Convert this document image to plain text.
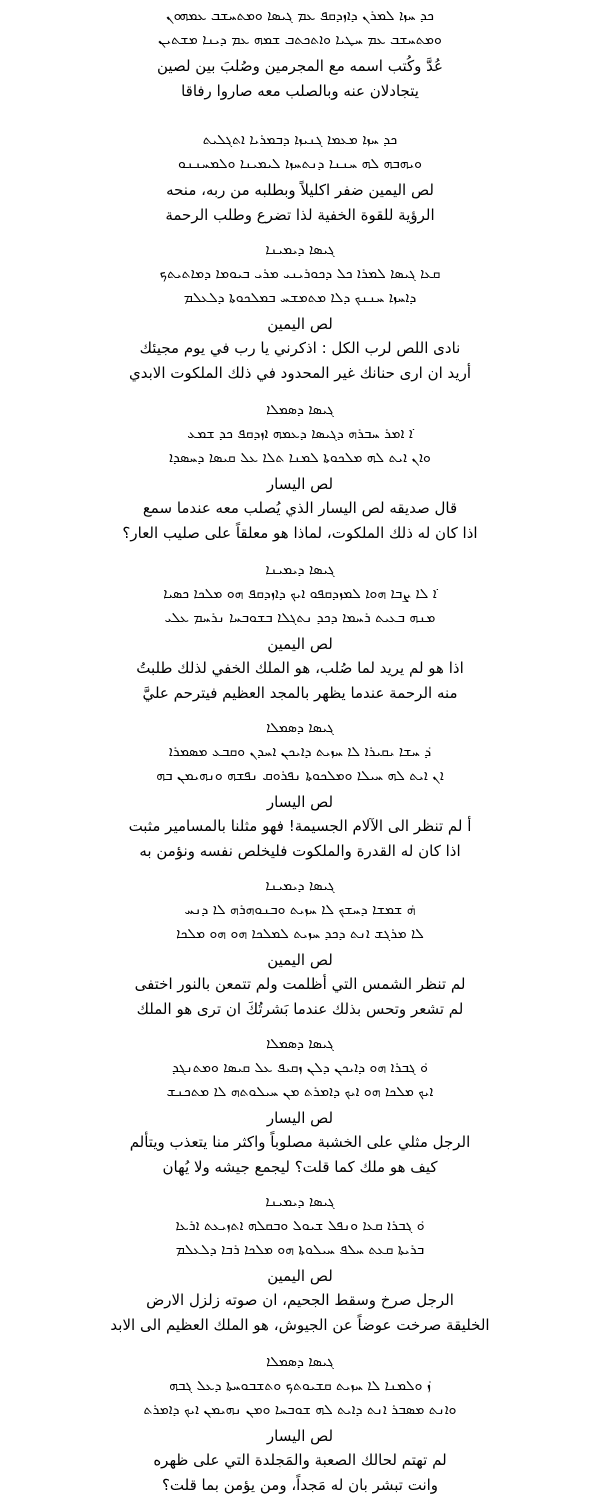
ܟܕ ܚܙܐ ܠܡܪܢ ܕܐܙܕܩܦ ܥܡ ܓܝܣܐ ܘܡܬܚܫܒ ܥܡܗܘܢ
ܘܡܬܚܫܒ ܥܡ ܚܛܝܐ ܘܐܬܟܬܒ ܫܡܗ ܥܡ ܕܝܢܐ ܡܫܬܝܢ
عُدَّ وكُتب اسمه مع المجرمين وصُلبَ بين لصين
يتجادلان عنه وبالصلب معه صاروا رفاقا
ܟܕ ܚܙܐ ܡܥܡܐ ܓܢܝܙܐ ܕܒܡܪܝܐ ܐܬܓܠܝܬ
ܘܝܗܒܗ ܠܗ ܚܢܢܐ ܕܢܬܚܙܐ ܠܝܡܝܢܐ ܘܠܡܚܢܢܘ
لص اليمين ضفر اكليلاً وبطلبه من ربه، منحه
الرؤية للقوة الخفية لذا تضرع وطلب الرحمة
ܓܝܣܐ ܕܝܡܝܢܐ
ܩܥܐ ܓܝܣܐ ܠܡܪܐ ܟܠ ܕܟܘܪܝܢܝ ܡܪܝ ܒܝܘܡܐ ܕܡܐܬܝܬܟ
ܕܐܚܙܐ ܚܢܢܟ ܕܠܐ ܡܬܡܫܚ ܒܡܠܟܘܬܐ ܕܠܥܠܡ
لص اليمين
نادى اللص لرب الكل : اذكرني يا رب في يوم مجيئك
أريد ان ارى حنانك غير المحدود في ذلك الملكوت الابدي
ܓܝܣܐ ܕܣܡܠܐ
ܐ݁ ܐܡܪ ܚܒܪܗ ܕܓܝܣܐ ܕܥܡܗ ܐܙܕܩܦ ܟܕ ܫܡܥ
ܘܐܢ ܐܝܬ ܠܗ ܡܠܟܘܬܐ ܠܡܢܐ ܬܠܐ ܥܠ ܩܝܣܐ ܕܚܣܕܐ
لص اليسار
قال صديقه لص اليسار الذي يُصلب معه عندما سمع
اذا كان له ذلك الملكوت، لماذا هو معلقاً على صليب العار؟
ܓܝܣܐ ܕܝܡܝܢܐ
ܐ݁ ܠܐ ܨܒܐ ܗܘܐ ܠܡܙܕܩܦܘ ܐܝܟ ܕܐܙܕܩܦ ܗܘ ܡܠܟܐ ܟܣܝܐ
ܡܢܗ ܒܥܝܬ ܪܚܡܐ ܕܟܕ ܢܬܓܠܐ ܒܫܘܒܚܐ ܢܪܚܡ ܥܠܝ
لص اليمين
اذا هو لم يريد لما صُلب، هو الملك الخفي لذلك طلبتُ
منه الرحمة عندما يظهر بالمجد العظيم فيترحم عليَّ
ܓܝܣܐ ܕܣܡܠܐ
ܕ݁ ܚܫܐ ܝܩܝܪܐ ܠܐ ܚܙܝܬ ܕܐܝܟܢ ܐܚܕܢ ܘܩܒܥ ܡܣܡܪܐ
ܐܢ ܐܝܬ ܠܗ ܚܝܠܐ ܘܡܠܟܘܬܐ ܢܦܪܘܩ ܢܦܫܗ ܘܢܗܝܡܢ ܒܗ
لص اليسار
أ لم تنظر الى الآلام الجسيمة! فهو مثلنا بالمسامير مثبت
اذا كان له القدرة والملكوت فليخلص نفسه ونؤمن به
ܓܝܣܐ ܕܝܡܝܢܐ
ܗ݁ ܫܡܫܐ ܕܚܫܟ ܠܐ ܚܙܝܬ ܘܒܢܘܗܪܗ ܠܐ ܕܢܚ
ܠܐ ܡܪܓܫ ܐܢܬ ܕܟܕ ܚܙܝܬ ܠܡܠܟܐ ܗܘ ܗܘ ܡܠܟܐ
لص اليمين
لم تنظر الشمس التي أظلمت ولم تتمعن بالنور اختفى
لم تشعر وتحس بذلك عندما بَشرتُكَ ان ترى هو الملك
ܓܝܣܐ ܕܣܡܠܐ
ܘ݁ ܓܒܪܐ ܗܘ ܕܐܝܟܢ ܕܠܢ ܙܩܝܦ ܥܠ ܩܝܣܐ ܘܡܬܢܓܕ
ܐܝܟ ܡܠܟܐ ܗܘ ܐܝܟ ܕܐܡܪܬ ܡܢ ܚܝܠܘܬܗ ܠܐ ܡܬܟܢܫ
لص اليسار
الرجل مثلي على الخشبة مصلوباً واكثر منا يتعذب ويتألم
كيف هو ملك كما قلت؟ ليجمع جيشه ولا يُهان
ܓܝܣܐ ܕܝܡܝܢܐ
ܘ݁ ܓܒܪܐ ܩܥܐ ܘܢܦܠ ܫܝܘܠ ܘܒܩܠܗ ܐܬܙܝܥܬ ܐܪܥܐ
ܒܪܝܬܐ ܩܥܬ ܚܠܦ ܚܝܠܘܬܐ ܗܘ ܡܠܟܐ ܪܒܐ ܕܠܥܠܡ
لص اليمين
الرجل صرخ وسقط الجحيم، ان صوته زلزل الارض
الخليقة صرخت عوضاً عن الجيوش، هو الملك العظيم الى الابد
ܓܝܣܐ ܕܣܡܠܐ
ܙ݁ ܘܠܡܢܐ ܠܐ ܚܙܝܬ ܩܫܝܘܬܟ ܘܬܫܒܘܚܬܐ ܕܥܠ ܓܒܗ
ܘܐܢܬ ܡܣܒܪ ܐܢܬ ܕܐܝܬ ܠܗ ܫܘܒܚܐ ܘܡܢ ܢܗܝܡܢ ܐܝܟ ܕܐܡܪܬ
لص اليسار
لم تهتم لحالك الصعبة والمَجلدة التي على ظهره
وانت تبشر بان له مَجداً، ومن يؤمن بما قلت؟
